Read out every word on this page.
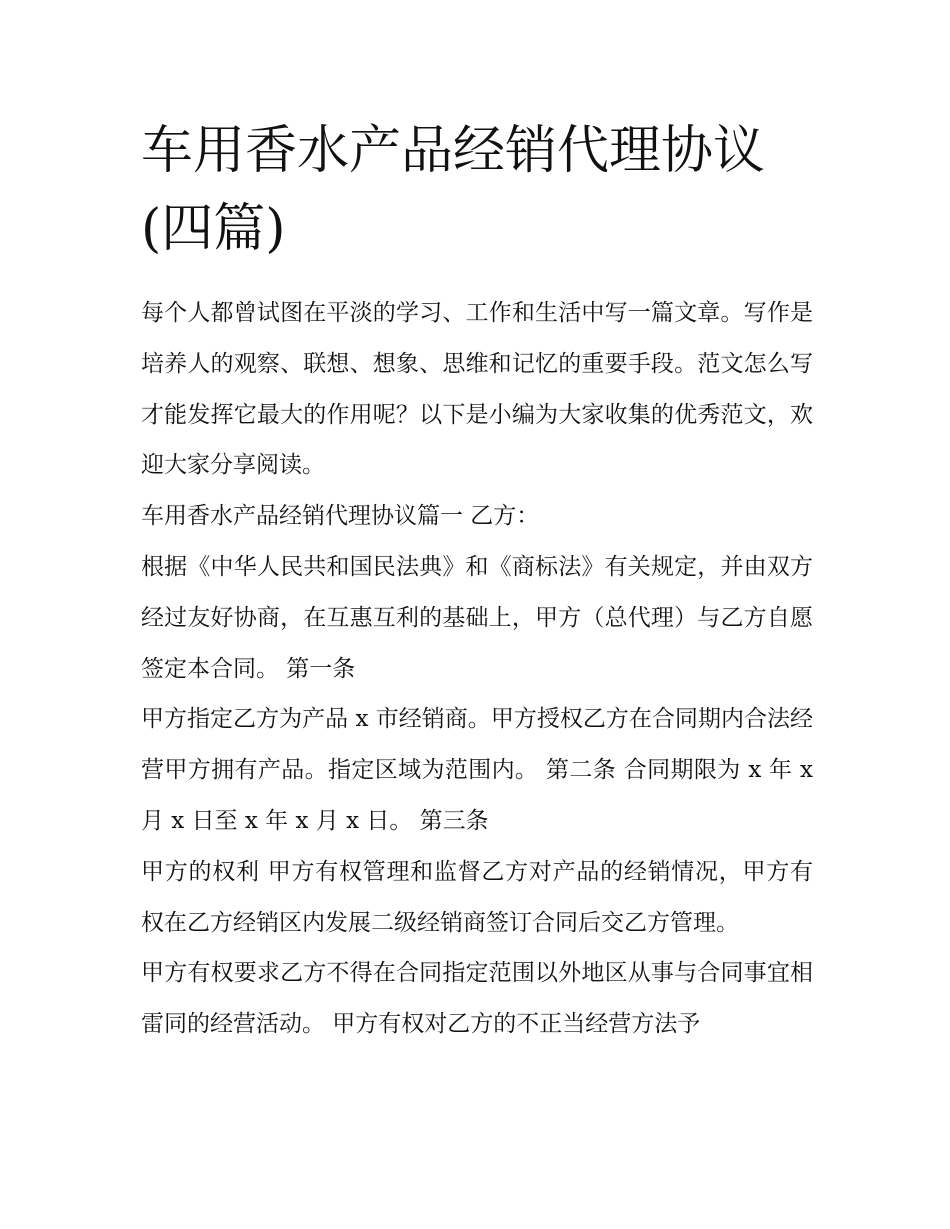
车用香水产品经销代理协议(四篇)

每个人都曾试图在平淡的学习、工作和生活中写一篇文章。写作是培养人的观察、联想、想象、思维和记忆的重要手段。范文怎么写才能发挥它最大的作用呢？以下是小编为大家收集的优秀范文，欢迎大家分享阅读。

车用香水产品经销代理协议篇一 乙方：

根据《中华人民共和国民法典》和《商标法》有关规定，并由双方经过友好协商，在互惠互利的基础上，甲方（总代理）与乙方自愿签定本合同。 第一条

甲方指定乙方为产品 x 市经销商。甲方授权乙方在合同期内合法经营甲方拥有产品。指定区域为范围内。 第二条 合同期限为 x 年 x 月 x 日至 x 年 x 月 x 日。 第三条

甲方的权利 甲方有权管理和监督乙方对产品的经销情况，甲方有权在乙方经销区内发展二级经销商签订合同后交乙方管理。

甲方有权要求乙方不得在合同指定范围以外地区从事与合同事宜相雷同的经营活动。 甲方有权对乙方的不正当经营方法予
